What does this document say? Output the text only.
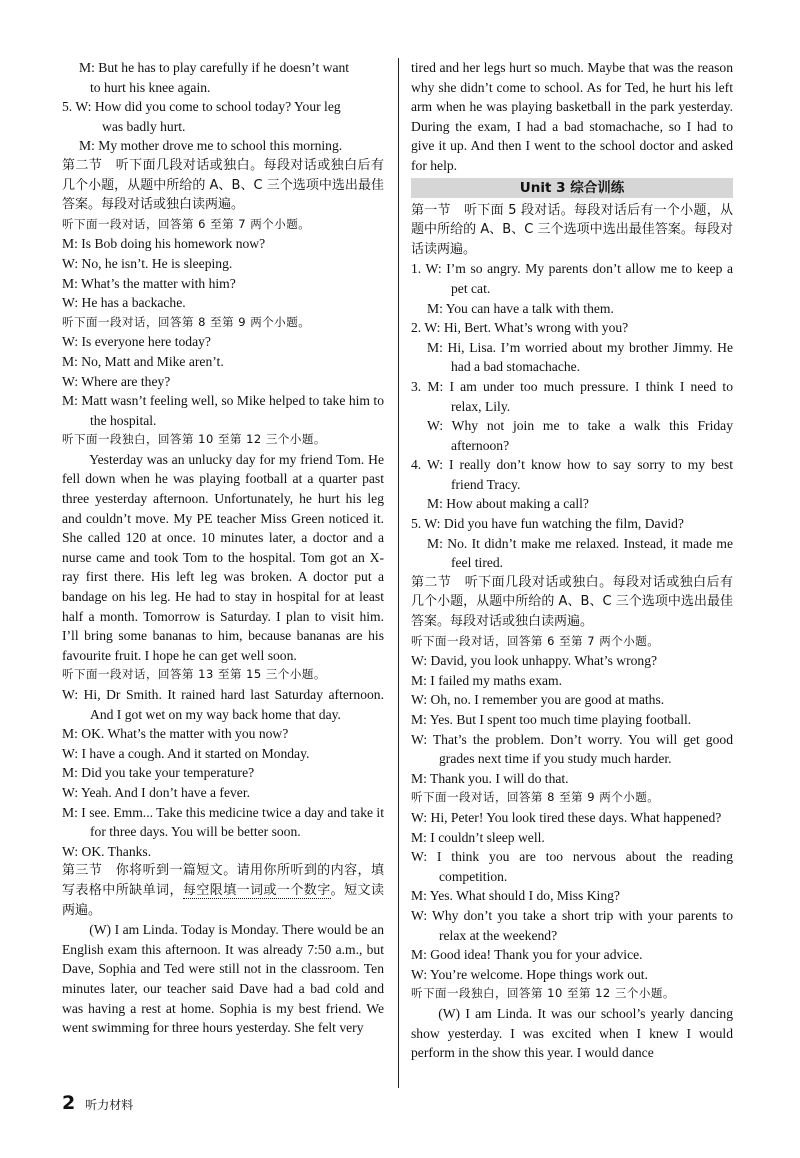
M: But he has to play carefully if he doesn’t want
to hurt his knee again.

5. W: How did you come to school today? Your leg
was badly hurt.

M: My mother drove me to school this morning.

第二节　听下面几段对话或独白。每段对话或独白后有几个小题，从题中所给的 A、B、C 三个选项中选出最佳答案。每段对话或独白读两遍。

听下面一段对话，回答第 6 至第 7 两个小题。

M: Is Bob doing his homework now?

W: No, he isn’t. He is sleeping.

M: What’s the matter with him?

W: He has a backache.

听下面一段对话，回答第 8 至第 9 两个小题。

W: Is everyone here today?

M: No, Matt and Mike aren’t.

W: Where are they?

M: Matt wasn’t feeling well, so Mike helped to take him to the hospital.

听下面一段独白，回答第 10 至第 12 三个小题。

Yesterday was an unlucky day for my friend Tom. He fell down when he was playing football at a quarter past three yesterday afternoon. Unfortunately, he hurt his leg and couldn’t move. My PE teacher Miss Green noticed it. She called 120 at once. 10 minutes later, a doctor and a nurse came and took Tom to the hospital. Tom got an X-ray first there. His left leg was broken. A doctor put a bandage on his leg. He had to stay in hospital for at least half a month. Tomorrow is Saturday. I plan to visit him. I’ll bring some bananas to him, because bananas are his favourite fruit. I hope he can get well soon.

听下面一段对话，回答第 13 至第 15 三个小题。

W: Hi, Dr Smith. It rained hard last Saturday afternoon. And I got wet on my way back home that day.

M: OK. What’s the matter with you now?

W: I have a cough. And it started on Monday.

M: Did you take your temperature?

W: Yeah. And I don’t have a fever.

M: I see. Emm... Take this medicine twice a day and take it for three days. You will be better soon.

W: OK. Thanks.

第三节　你将听到一篇短文。请用你所听到的内容，填写表格中所缺单词，每空限填一词或一个数字。短文读两遍。

(W) I am Linda. Today is Monday. There would be an English exam this afternoon. It was already 7:50 a.m., but Dave, Sophia and Ted were still not in the classroom. Ten minutes later, our teacher said Dave had a bad cold and was having a rest at home. Sophia is my best friend. We went swimming for three hours yesterday. She felt very

tired and her legs hurt so much. Maybe that was the reason why she didn’t come to school. As for Ted, he hurt his left arm when he was playing basketball in the park yesterday. During the exam, I had a bad stomachache, so I had to give it up. And then I went to the school doctor and asked for help.

Unit 3 综合训练

第一节　听下面 5 段对话。每段对话后有一个小题，从题中所给的 A、B、C 三个选项中选出最佳答案。每段对话读两遍。

1. W: I’m so angry. My parents don’t allow me to keep a pet cat.

M: You can have a talk with them.

2. W: Hi, Bert. What’s wrong with you?

M: Hi, Lisa. I’m worried about my brother Jimmy. He had a bad stomachache.

3. M: I am under too much pressure. I think I need to relax, Lily.

W: Why not join me to take a walk this Friday afternoon?

4. W: I really don’t know how to say sorry to my best friend Tracy.

M: How about making a call?

5. W: Did you have fun watching the film, David?

M: No. It didn’t make me relaxed. Instead, it made me feel tired.

第二节　听下面几段对话或独白。每段对话或独白后有几个小题，从题中所给的 A、B、C 三个选项中选出最佳答案。每段对话或独白读两遍。

听下面一段对话，回答第 6 至第 7 两个小题。

W: David, you look unhappy. What’s wrong?

M: I failed my maths exam.

W: Oh, no. I remember you are good at maths.

M: Yes. But I spent too much time playing football.

W: That’s the problem. Don’t worry. You will get good grades next time if you study much harder.

M: Thank you. I will do that.

听下面一段对话，回答第 8 至第 9 两个小题。

W: Hi, Peter! You look tired these days. What happened?

M: I couldn’t sleep well.

W: I think you are too nervous about the reading competition.

M: Yes. What should I do, Miss King?

W: Why don’t you take a short trip with your parents to relax at the weekend?

M: Good idea! Thank you for your advice.

W: You’re welcome. Hope things work out.

听下面一段独白，回答第 10 至第 12 三个小题。

(W) I am Linda. It was our school’s yearly dancing show yesterday. I was excited when I knew I would perform in the show this year. I would dance

2 听力材料
